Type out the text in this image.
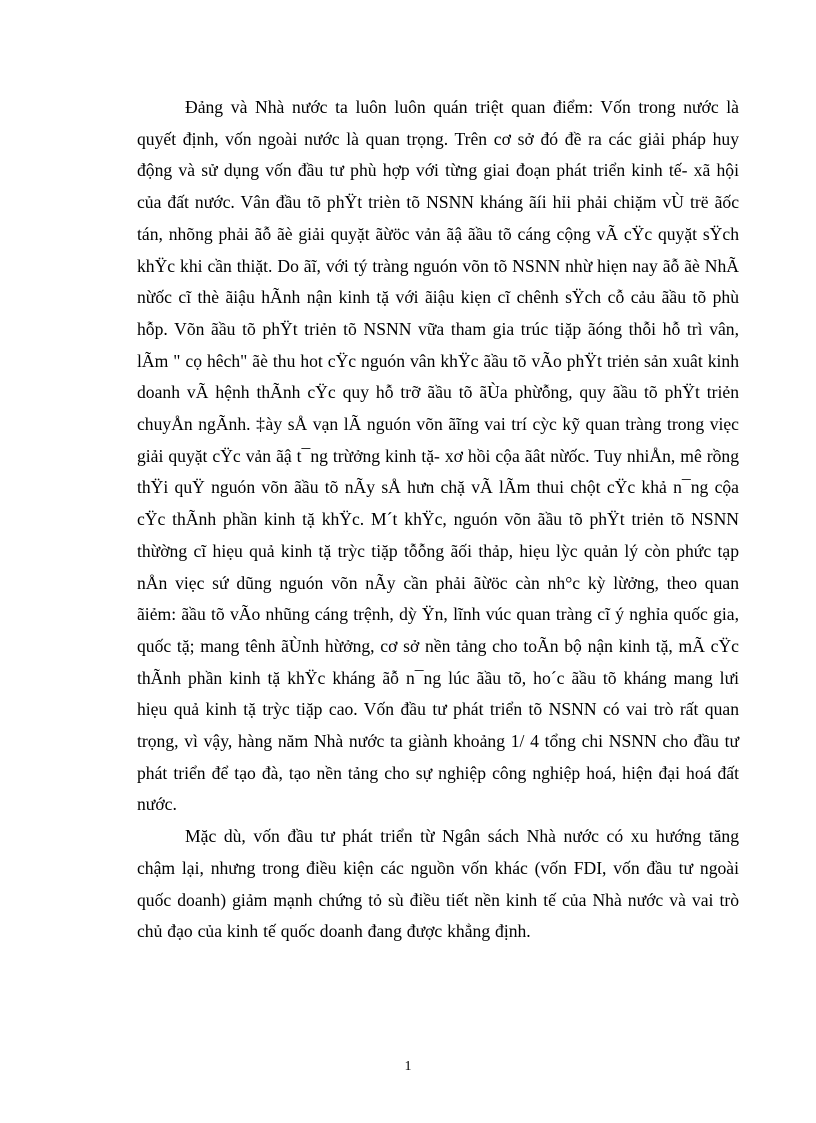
Đảng và Nhà nước ta luôn luôn quán triệt quan điểm: Vốn trong nước là quyết định, vốn ngoài nước là quan trọng. Trên cơ sở đó đề ra các giải pháp huy động và sử dụng vốn đầu tư phù hợp với từng giai đoạn phát triển kinh tế- xã hội của đất nước. Vân đầu tõ phŸt trièn tõ NSNN kháng ãíi hỉi phải chiặm vÙ trë ãốc tán, nhõng phải ãỗ ãè giải quyặt ãừöc vản ãậ ãầu tõ cáng cộng vÃ cŸc quyặt sŸch khŸc khi cần thiặt. Do ãĩ, với tý tràng nguón võn tõ NSNN nhừ hiẹn nay ãỗ ãè NhÃ nừốc cĩ thè ãiậu hÃnh nận kinh tặ với ãiậu kiẹn cĩ chênh sŸch cỗ cảu ãầu tõ phù hỗp. Võn ãầu tõ phŸt triẻn tõ NSNN vữa tham gia trúc tiặp ãóng thỗi hỗ trì vân, lÃm " cọ hêch" ãè thu hot cŸc nguón vân khŸc ãầu tõ vÃo phŸt triẻn sản xuât kinh doanh vÃ hệnh thÃnh cŸc quy hỗ trỡ ãầu tõ ãÙa phừỗng, quy ãầu tõ phŸt triẻn chuyÅn ngÃnh. ‡ày sÅ vạn lÃ nguón võn ãĩng vai trí cỳc kỹ quan tràng trong viẹc giải quyặt cŸc vản ãậ t¯ng trừởng kinh tặ- xơ hồi cộa ãât nừốc. Tuy nhiÅn, mê rồng thŸi quŸ nguón võn ãầu tõ nÃy sÅ hưn chặ vÃ lÃm thui chột cŸc khả n¯ng cộa cŸc thÃnh phần kinh tặ khŸc. M´t khŸc, nguón võn ãầu tõ phŸt triẻn tõ NSNN thừờng cĩ hiẹu quả kinh tặ trỳc tiặp tỗỗng ãối thảp, hiẹu lỳc quản lý còn phức tạp nÅn viẹc sứ dũng nguón võn nÃy cần phải ãừöc càn nh°c kỳ lừởng, theo quan ãiẻm: ãầu tõ vÃo nhũng cáng trệnh, dỳ Ÿn, lĩnh vúc quan tràng cĩ ý nghỉa quốc gia, quốc tặ; mang tênh ãÙnh hừởng, cơ sở nền tảng cho toÃn bộ nận kinh tặ, mÃ cŸc thÃnh phần kinh tặ khŸc kháng ãỗ n¯ng lúc ãầu tõ, ho´c ãầu tõ kháng mang lưi hiẹu quả kinh tặ trỳc tiặp cao. Vốn đầu tư phát triển tõ NSNN có vai trò rất quan trọng, vì vậy, hàng năm Nhà nước ta giành khoảng 1/ 4 tổng chi NSNN cho đầu tư phát triển để tạo đà, tạo nền tảng cho sự nghiệp công nghiệp hoá, hiện đại hoá đất nước.

Mặc dù, vốn đầu tư phát triển từ Ngân sách Nhà nước có xu hướng tăng chậm lại, nhưng trong điều kiện các nguồn vốn khác (vốn FDI, vốn đầu tư ngoài quốc doanh) giảm mạnh chứng tỏ sù điều tiết nền kinh tế của Nhà nước và vai trò chủ đạo của kinh tế quốc doanh đang được khẳng định.

1
